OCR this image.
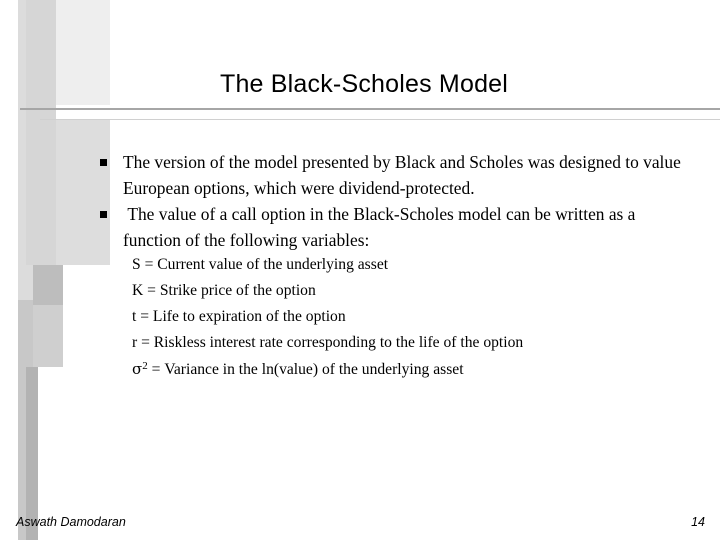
The Black-Scholes Model
The version of the model presented by Black and Scholes was designed to value European options, which were dividend-protected.
The value of a call option in the Black-Scholes model can be written as a function of the following variables:
S = Current value of the underlying asset
K = Strike price of the option
t = Life to expiration of the option
r = Riskless interest rate corresponding to the life of the option
$\sigma^2$ = Variance in the ln(value) of the underlying asset
Aswath Damodaran	14
